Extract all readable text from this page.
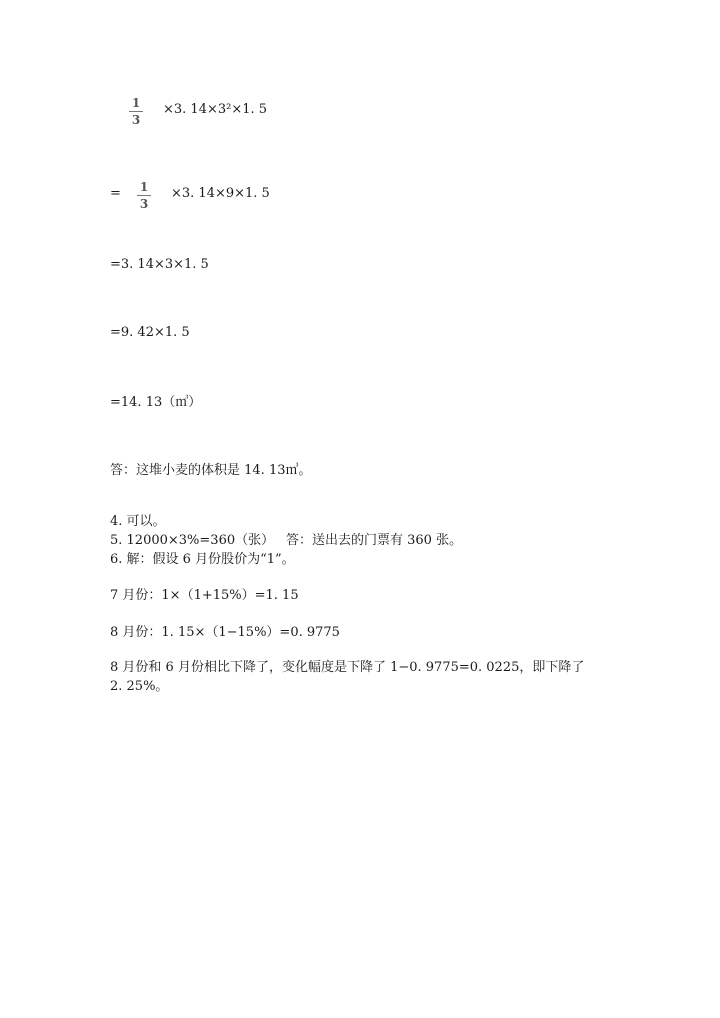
1
3
×3. 14×3²×1. 5
= 1
3
×3. 14×9×1. 5
=3. 14×3×1. 5
=9. 42×1. 5
=14. 13（㎥）
答：这堆小麦的体积是 14. 13㎥。
4. 可以。
5. 12000×3%=360（张） 答：送出去的门票有 360 张。
6. 解：假设 6 月份股价为“1”。
7 月份：1×（1+15%）=1. 15
8 月份：1. 15×（1−15%）=0. 9775
8 月份和 6 月份相比下降了，变化幅度是下降了 1−0. 9775=0. 0225，即下降了
2. 25%。
